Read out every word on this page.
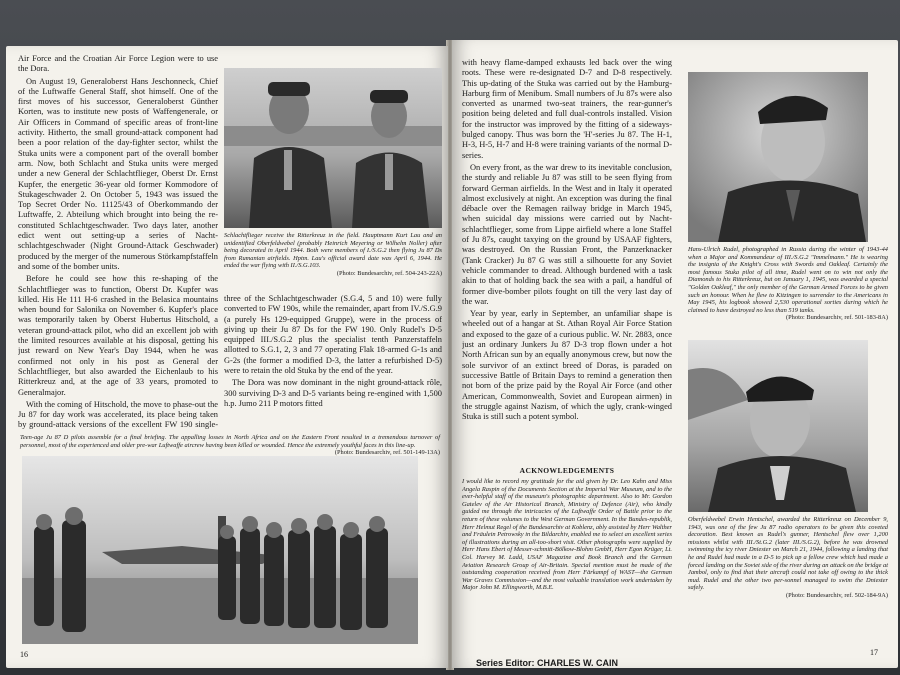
Air Force and the Croatian Air Force Legion were to use the Dora.

On August 19, Generaloberst Hans Jeschonneck, Chief of the Luftwaffe General Staff, shot himself. One of the first moves of his successor, Generaloberst Günther Korten, was to institute new posts of Waffengenerale, or Air Officers in Command of specific areas of front-line activity. Hitherto, the small ground-attack component had been a poor relation of the day-fighter sector, whilst the Stuka units were a component part of the overall bomber arm. Now, both Schlacht and Stuka units were merged under a new General der Schlachtflieger, Oberst Dr. Ernst Kupfer, the energetic 36-year old former Kommodore of Stukageschwader 2. On October 5, 1943 was issued the Top Secret Order No. 11125/43 of Oberkommando der Luftwaffe, 2. Abteilung which brought into being the re-constituted Schlachtgeschwader. Two days later, another edict went out setting-up a series of Nacht-schlachtgeschwader (Night Ground-Attack Geschwader) produced by the merger of the numerous Störkampfstaffeln and some of the bomber units.

Before he could see how this re-shaping of the Schlachtflieger was to function, Oberst Dr. Kupfer was killed. His He 111 H-6 crashed in the Belasica mountains when bound for Salonika on November 6. Kupfer's place was temporarily taken by Oberst Hubertus Hitschold, a veteran ground-attack pilot, who did an excellent job with the limited resources available at his disposal, getting his just reward on New Year's Day 1944, when he was confirmed not only in his post as General der Schlachtflieger, but also awarded the Eichenlaub to his Ritterkreuz and, at the age of 33 years, promoted to Generalmajor.

With the coming of Hitschold, the move to phase-out the Ju 87 for day work was accelerated, its place being taken by ground-attack versions of the excellent FW 190 single-

Schlachtflieger receive the Ritterkreuz in the field. Hauptmann Kurt Lau and an unidentified Oberfeldwebel (probably Heinrich Meyering or Wilhelm Noller) after being decorated in April 1944. Both were members of I./S.G.2 then flying Ju 87 Ds from Rumanian airfields. Hptm. Lau's official award date was April 6, 1944. He ended the war flying with II./S.G.103.
(Photo: Bundesarchiv, ref. 504-243-22A)

three of the Schlachtgeschwader (S.G.4, 5 and 10) were fully converted to FW 190s, while the remainder, apart from IV./S.G.9 (a purely Hs 129-equipped Gruppe), were in the process of giving up their Ju 87 Ds for the FW 190. Only Rudel's D-5 equipped III./S.G.2 plus the specialist tenth Panzerstaffeln allotted to S.G.1, 2, 3 and 77 operating Flak 18-armed G-1s and G-2s (the former a modified D-3, the latter a refurbished D-5) were to retain the old Stuka by the end of the year.

The Dora was now dominant in the night ground-attack rôle, 300 surviving D-3 and D-5 variants being re-engined with 1,500 h.p. Jumo 211 P motors fitted

Teen-age Ju 87 D pilots assemble for a final briefing. The appalling losses in North Africa and on the Eastern Front resulted in a tremendous turnover of personnel, most of the experienced and older pre-war Luftwaffe aircrew having been killed or wounded. Hence the extremely youthful faces in this line-up.
(Photo: Bundesarchiv, ref. 501-149-13A)
16

with heavy flame-damped exhausts led back over the wing roots. These were re-designated D-7 and D-8 respectively. This up-dating of the Stuka was carried out by the Hamburg-Harburg firm of Menibum. Small numbers of Ju 87s were also converted as unarmed two-seat trainers, the rear-gunner's position being deleted and full dual-controls installed. Vision for the instructor was improved by the fitting of a sideways-bulged canopy. Thus was born the 'H'-series Ju 87. The H-1, H-3, H-5, H-7 and H-8 were training variants of the normal D-series.

On every front, as the war drew to its inevitable conclusion, the sturdy and reliable Ju 87 was still to be seen flying from forward German airfields. In the West and in Italy it operated almost exclusively at night. An exception was during the final débacle over the Remagen railway bridge in March 1945, when suicidal day missions were carried out by Nacht-schlachtflieger, some from Lippe airfield where a lone Staffel of Ju 87s, caught taxying on the ground by USAAF fighters, was destroyed. On the Russian Front, the Panzerknacker (Tank Cracker) Ju 87 G was still a silhouette for any Soviet vehicle commander to dread. Although burdened with a task akin to that of holding back the sea with a pail, a handful of former dive-bomber pilots fought on till the very last day of the war.

Year by year, early in September, an unfamiliar shape is wheeled out of a hangar at St. Athan Royal Air Force Station and exposed to the gaze of a curious public. W. Nr. 2883, once just an ordinary Junkers Ju 87 D-3 trop flown under a hot North African sun by an equally anonymous crew, but now the sole survivor of an extinct breed of Doras, is paraded on successive Battle of Britain Days to remind a generation then not born of the prize paid by the Royal Air Force (and other American, Commonwealth, Soviet and European airmen) in the struggle against Nazism, of which the ugly, crank-winged Stuka is still such a potent symbol.

Hans-Ulrich Rudel, photographed in Russia during the winter of 1943-44 when a Major and Kommandeur of III./S.G.2 "Immelmann." He is wearing the insignia of the Knight's Cross with Swords and Oakleaf. Certainly the most famous Stuka pilot of all time, Rudel went on to win not only the Diamonds to his Ritterkreuz, but on January 1, 1945, was awarded a special "Golden Oakleaf," the only member of the German Armed Forces to be given such an honour. When he flew to Kitzingen to surrender to the Americans in May 1945, his logbook showed 2,530 operational sorties during which he claimed to have destroyed no less than 519 tanks.
(Photo: Bundesarchiv, ref. 501-183-8A)
ACKNOWLEDGEMENTS
I would like to record my gratitude for the aid given by Dr. Leo Kahn and Miss Angela Raspin of the Documents Section at the Imperial War Museum, and to the ever-helpful staff of the museum's photographic department. Also to Mr. Gordon Gatelev of the Air Historical Branch, Ministry of Defence (Air), who kindly guided me through the intricacies of the Luftwaffe Order of Battle prior to the return of these volumes to the West German Government. In the Bundes-republik, Herr Helmut Regel of the Bundesarchiv at Koblenz, ably assisted by Herr Walther and Fräulein Petrowsky in the Bildarchiv, enabled me to select an excellent series of illustrations during an all-too-short visit. Other photographs were supplied by Herr Hans Ebert of Messer-schmitt-Bölkow-Blohm GmbH, Herr Egon Krüger, Lt. Col. Harvey M. Ladd, USAF Magazine and Book Branch and the German Aviation Research Group of Air-Britain. Special mention must be made of the outstanding cooperation received from Herr Färkampf of WAST—the German War Graves Commission—and the most valuable translation work undertaken by Major John M. Ellingworth, M.B.E.
Oberfeldwebel Erwin Hentschel, awarded the Ritterkreuz on December 9, 1943, was one of the few Ju 87 radio operators to be given this coveted decoration. Best known as Rudel's gunner, Hentschel flew over 1,200 missions whilst with III./St.G.2 (later III./S.G.2), before he was drowned swimming the icy river Dniester on March 21, 1944, following a landing that he and Rudel had made in a D-5 to pick up a fellow crew which had made a forced landing on the Soviet side of the river during an attack on the bridge at Jambol, only to find that their aircraft could not take off owing to the thick mud. Rudel and the other two per-sonnel managed to swim the Dniester safely.
(Photo: Bundesarchiv, ref. 502-184-9A)
Series Editor: CHARLES W. CAIN
17
